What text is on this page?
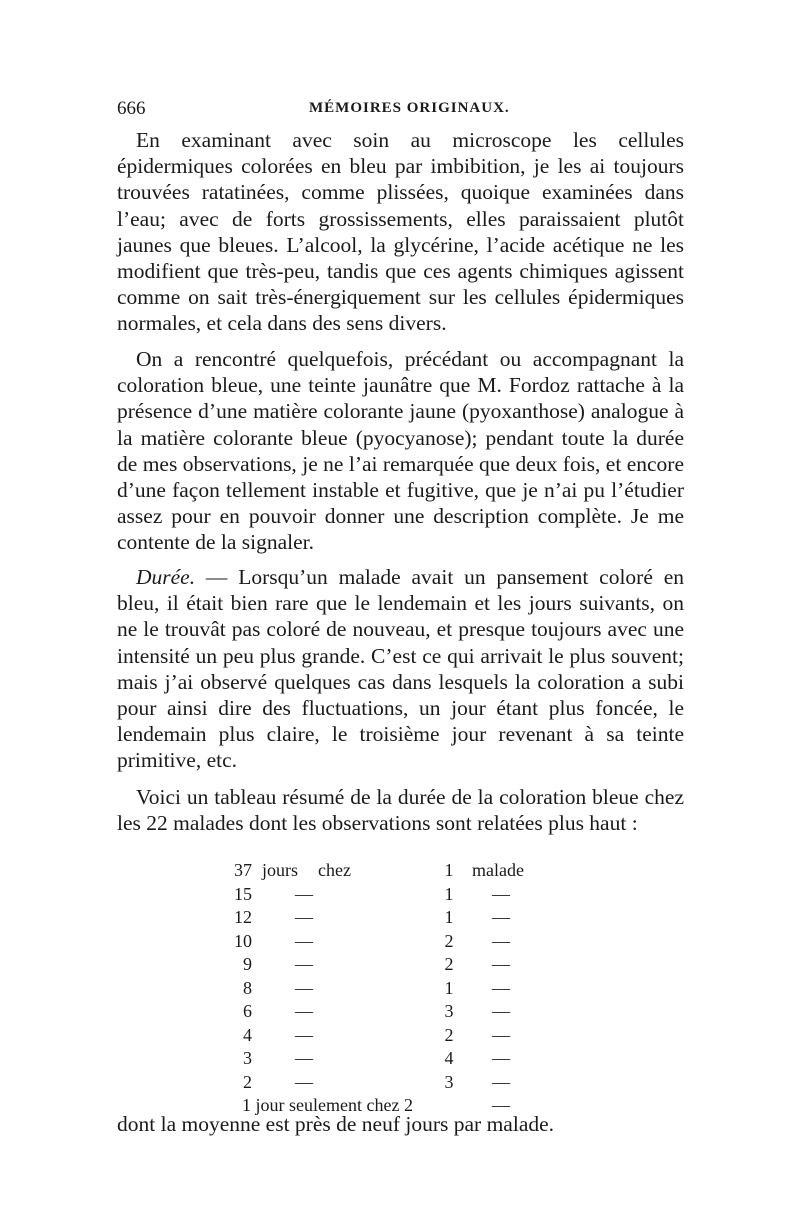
666	MÉMOIRES ORIGINAUX.

En examinant avec soin au microscope les cellules épidermiques colorées en bleu par imbibition, je les ai toujours trouvées ratatinées, comme plissées, quoique examinées dans l’eau; avec de forts grossissements, elles paraissaient plutôt jaunes que bleues. L’alcool, la glycérine, l’acide acétique ne les modifient que très-peu, tandis que ces agents chimiques agissent comme on sait très-énergiquement sur les cellules épidermiques normales, et cela dans des sens divers.

On a rencontré quelquefois, précédant ou accompagnant la coloration bleue, une teinte jaunâtre que M. Fordoz rattache à la présence d’une matière colorante jaune (pyoxanthose) analogue à la matière colorante bleue (pyocyanose); pendant toute la durée de mes observations, je ne l’ai remarquée que deux fois, et encore d’une façon tellement instable et fugitive, que je n’ai pu l’étudier assez pour en pouvoir donner une description complète. Je me contente de la signaler.

Durée. — Lorsqu’un malade avait un pansement coloré en bleu, il était bien rare que le lendemain et les jours suivants, on ne le trouvât pas coloré de nouveau, et presque toujours avec une intensité un peu plus grande. C’est ce qui arrivait le plus souvent; mais j’ai observé quelques cas dans lesquels la coloration a subi pour ainsi dire des fluctuations, un jour étant plus foncée, le lendemain plus claire, le troisième jour revenant à sa teinte primitive, etc.

Voici un tableau résumé de la durée de la coloration bleue chez les 22 malades dont les observations sont relatées plus haut :

37 jours chez	1 malade
15 —	1 —
12 —	1 —
10 —	2 —
9 —	2 —
8 —	1 —
6 —	3 —
4 —	2 —
3 —	4 —
2 —	3 —
1 jour seulement chez 2	—
dont la moyenne est près de neuf jours par malade.
